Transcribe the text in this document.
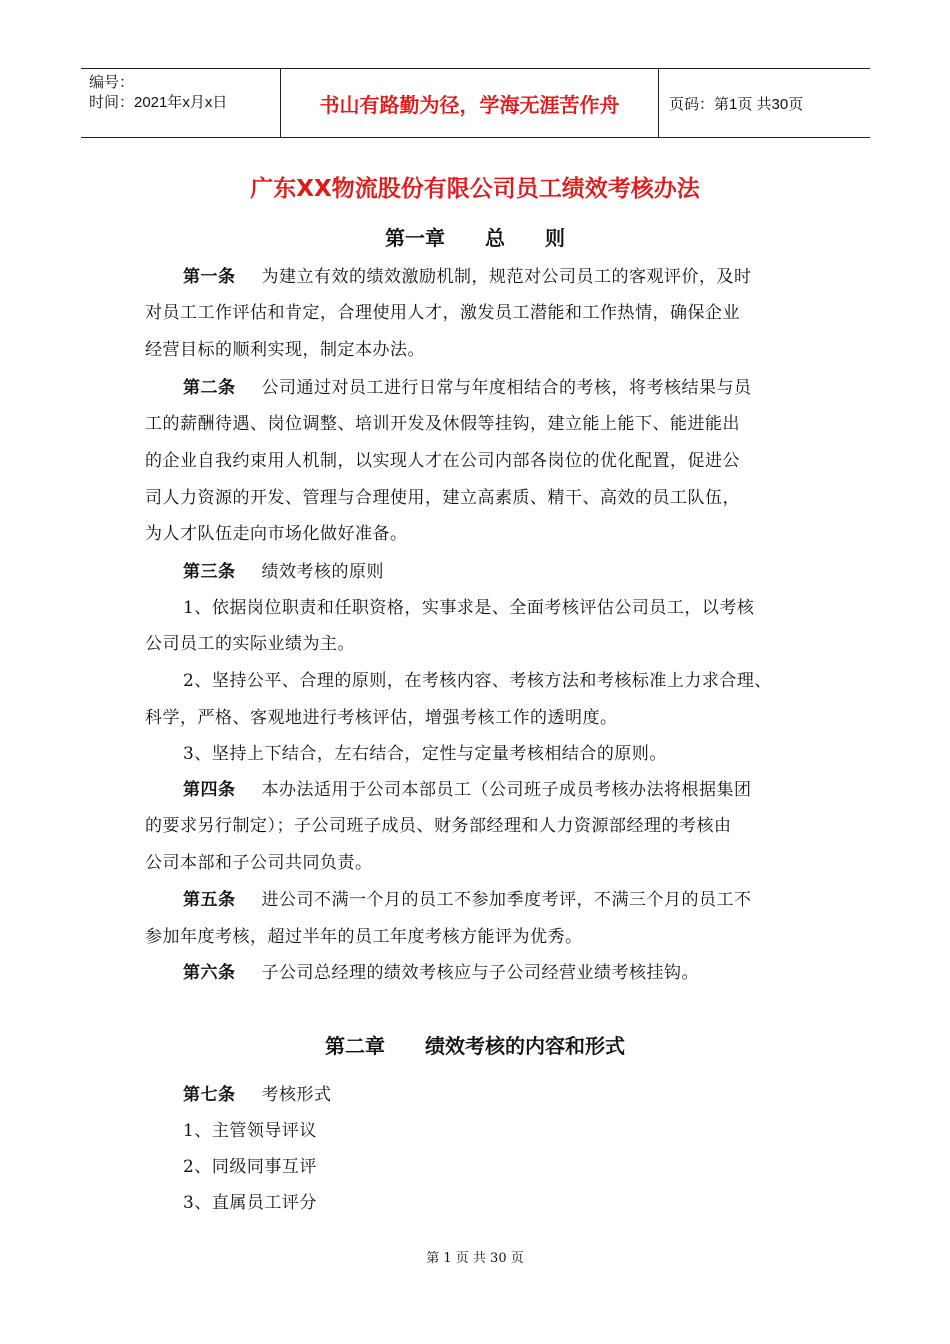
编号：
时间：2021年x月x日	书山有路勤为径，学海无涯苦作舟	页码：第1页 共30页
广东XX物流股份有限公司员工绩效考核办法
第一章　　总　　则
第一条 为建立有效的绩效激励机制，规范对公司员工的客观评价，及时
对员工工作评估和肯定，合理使用人才，激发员工潜能和工作热情，确保企业
经营目标的顺利实现，制定本办法。
第二条 公司通过对员工进行日常与年度相结合的考核，将考核结果与员
工的薪酬待遇、岗位调整、培训开发及休假等挂钩，建立能上能下、能进能出
的企业自我约束用人机制，以实现人才在公司内部各岗位的优化配置，促进公
司人力资源的开发、管理与合理使用，建立高素质、精干、高效的员工队伍，
为人才队伍走向市场化做好准备。
第三条 绩效考核的原则
1、依据岗位职责和任职资格，实事求是、全面考核评估公司员工，以考核
公司员工的实际业绩为主。
2、坚持公平、合理的原则，在考核内容、考核方法和考核标准上力求合理、
科学，严格、客观地进行考核评估，增强考核工作的透明度。
3、坚持上下结合，左右结合，定性与定量考核相结合的原则。
第四条 本办法适用于公司本部员工（公司班子成员考核办法将根据集团
的要求另行制定）；子公司班子成员、财务部经理和人力资源部经理的考核由
公司本部和子公司共同负责。
第五条 进公司不满一个月的员工不参加季度考评，不满三个月的员工不
参加年度考核，超过半年的员工年度考核方能评为优秀。
第六条 子公司总经理的绩效考核应与子公司经营业绩考核挂钩。
第二章　　绩效考核的内容和形式
第七条 考核形式
1、主管领导评议
2、同级同事互评
3、直属员工评分
第 1 页 共 30 页
